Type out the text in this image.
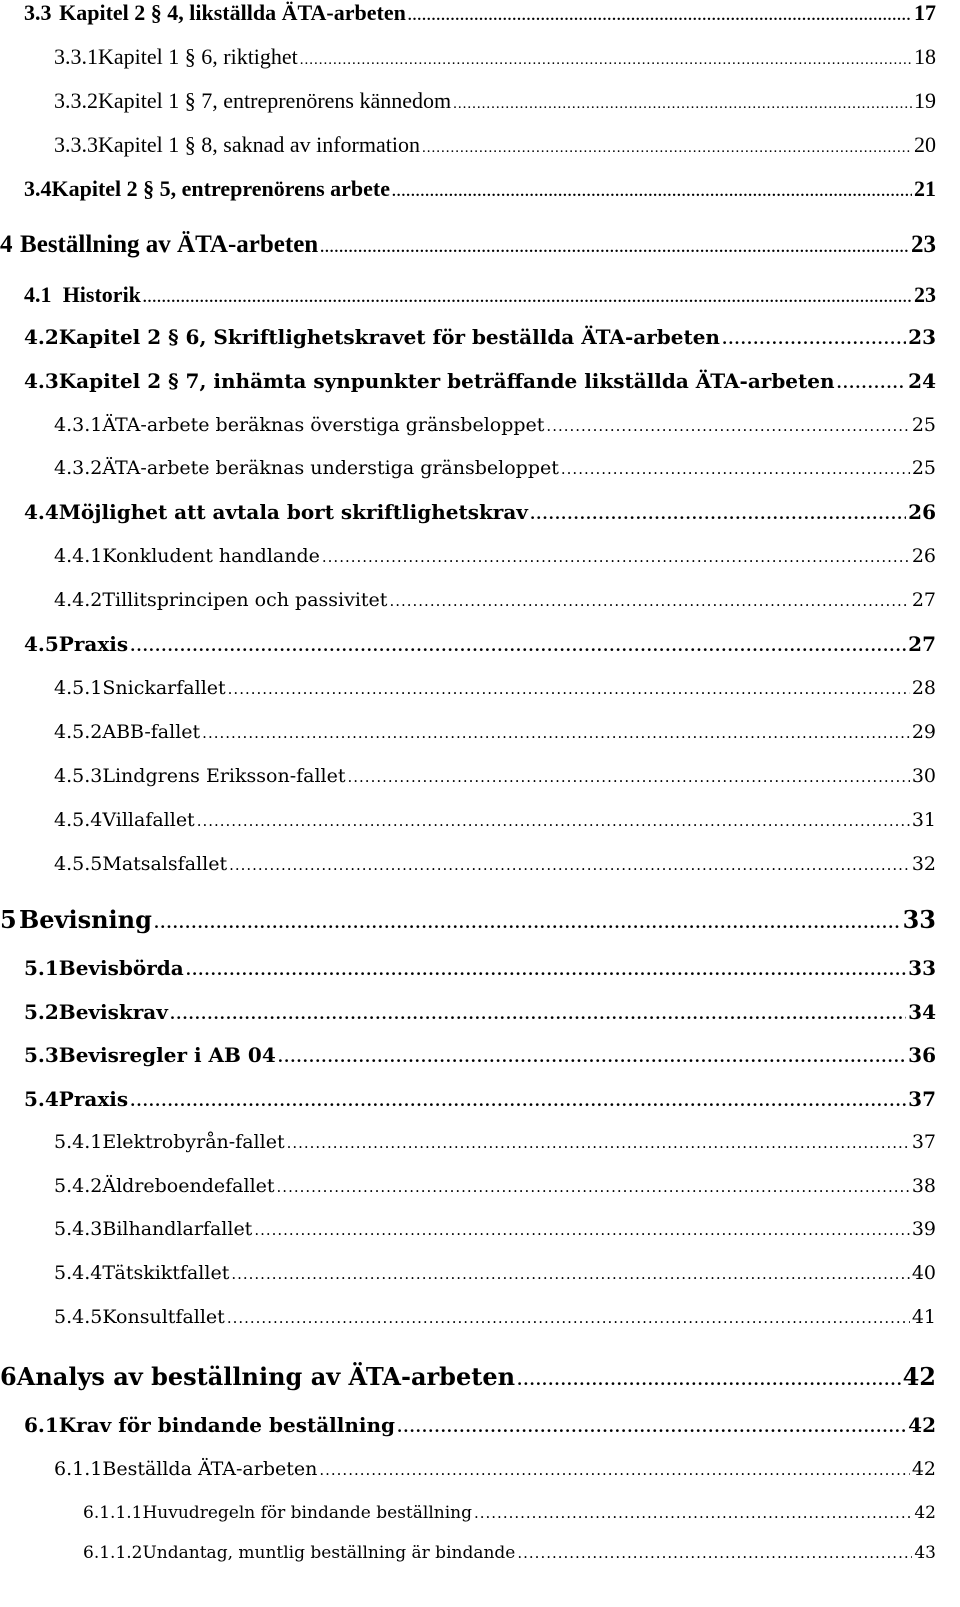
3.3 Kapitel 2 § 4, likställda ÄTA-arbeten .....	17
3.3.1 Kapitel 1 § 6, riktighet .....	18
3.3.2 Kapitel 1 § 7, entreprenörens kännedom .....	19
3.3.3 Kapitel 1 § 8, saknad av information .....	20
3.4 Kapitel 2 § 5, entreprenörens arbete .....	21
4 Beställning av ÄTA-arbeten .....	23
4.1 Historik .....	23
4.2 Kapitel 2 § 6, Skriftlighetskravet för beställda ÄTA-arbeten .....	23
4.3 Kapitel 2 § 7, inhämta synpunkter beträffande likställda ÄTA-arbeten .....	24
4.3.1 ÄTA-arbete beräknas överstiga gränsbeloppet .....	25
4.3.2 ÄTA-arbete beräknas understiga gränsbeloppet .....	25
4.4 Möjlighet att avtala bort skriftlighetskrav .....	26
4.4.1 Konkludent handlande .....	26
4.4.2 Tillitsprincipen och passivitet .....	27
4.5 Praxis .....	27
4.5.1 Snickarfallet .....	28
4.5.2 ABB-fallet .....	29
4.5.3 Lindgrens Eriksson-fallet .....	30
4.5.4 Villafallet .....	31
4.5.5 Matsalsfallet .....	32
5 Bevisning .....	33
5.1 Bevisbörda .....	33
5.2 Beviskrav .....	34
5.3 Bevisregler i AB 04 .....	36
5.4 Praxis .....	37
5.4.1 Elektrobyrån-fallet .....	37
5.4.2 Äldreboendefallet .....	38
5.4.3 Bilhandlarfallet .....	39
5.4.4 Tätskiktfallet .....	40
5.4.5 Konsultfallet .....	41
6 Analys av beställning av ÄTA-arbeten .....	42
6.1 Krav för bindande beställning .....	42
6.1.1 Beställda ÄTA-arbeten .....	42
6.1.1.1 Huvudregeln för bindande beställning .....	42
6.1.1.2 Undantag, muntlig beställning är bindande .....	43
